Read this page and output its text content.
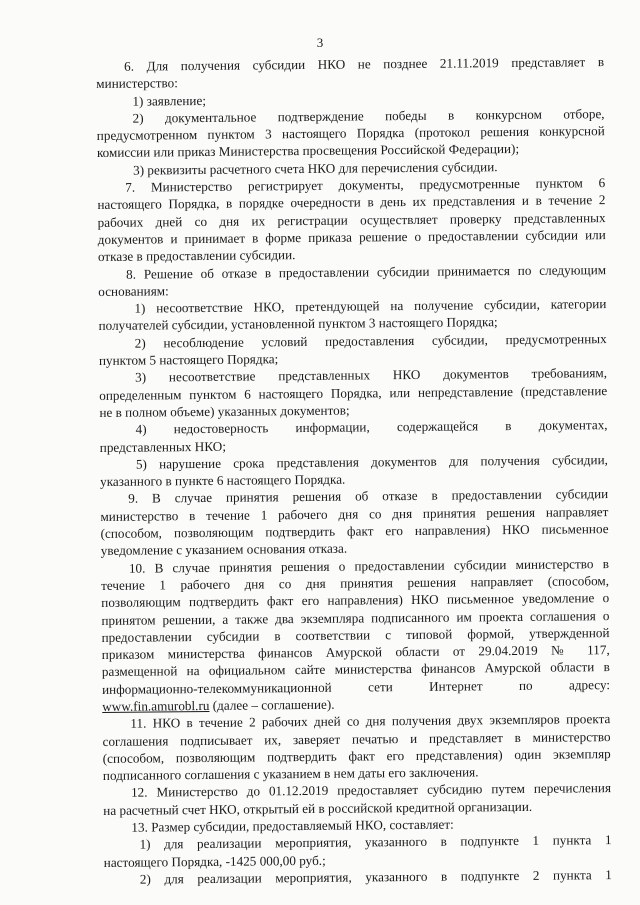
3
6. Для получения субсидии НКО не позднее 21.11.2019 представляет в
министерство:
1) заявление;
2) документальное подтверждение победы в конкурсном отборе,
предусмотренном пунктом 3 настоящего Порядка (протокол решения конкурсной
комиссии или приказ Министерства просвещения Российской Федерации);
3) реквизиты расчетного счета НКО для перечисления субсидии.
7. Министерство регистрирует документы, предусмотренные пунктом 6
настоящего Порядка, в порядке очередности в день их представления и в течение 2
рабочих дней со дня их регистрации осуществляет проверку представленных
документов и принимает в форме приказа решение о предоставлении субсидии или
отказе в предоставлении субсидии.
8. Решение об отказе в предоставлении субсидии принимается по следующим
основаниям:
1) несоответствие НКО, претендующей на получение субсидии, категории
получателей субсидии, установленной пунктом 3 настоящего Порядка;
2) несоблюдение условий предоставления субсидии, предусмотренных
пунктом 5 настоящего Порядка;
3) несоответствие представленных НКО документов требованиям,
определенным пунктом 6 настоящего Порядка, или непредставление (представление
не в полном объеме) указанных документов;
4) недостоверность информации, содержащейся в документах,
представленных НКО;
5) нарушение срока представления документов для получения субсидии,
указанного в пункте 6 настоящего Порядка.
9. В случае принятия решения об отказе в предоставлении субсидии
министерство в течение 1 рабочего дня со дня принятия решения направляет
(способом, позволяющим подтвердить факт его направления) НКО письменное
уведомление с указанием основания отказа.
10. В случае принятия решения о предоставлении субсидии министерство в
течение 1 рабочего дня со дня принятия решения направляет (способом,
позволяющим подтвердить факт его направления) НКО письменное уведомление о
принятом решении, а также два экземпляра подписанного им проекта соглашения о
предоставлении субсидии в соответствии с типовой формой, утвержденной
приказом министерства финансов Амурской области от 29.04.2019 № 117,
размещенной на официальном сайте министерства финансов Амурской области в
информационно-телекоммуникационной сети Интернет по адресу:
www.fin.amurobl.ru (далее – соглашение).
11. НКО в течение 2 рабочих дней со дня получения двух экземпляров проекта
соглашения подписывает их, заверяет печатью и представляет в министерство
(способом, позволяющим подтвердить факт его представления) один экземпляр
подписанного соглашения с указанием в нем даты его заключения.
12. Министерство до 01.12.2019 предоставляет субсидию путем перечисления
на расчетный счет НКО, открытый ей в российской кредитной организации.
13. Размер субсидии, предоставляемый НКО, составляет:
1) для реализации мероприятия, указанного в подпункте 1 пункта 1
настоящего Порядка, -1425 000,00 руб.;
2) для реализации мероприятия, указанного в подпункте 2 пункта 1
